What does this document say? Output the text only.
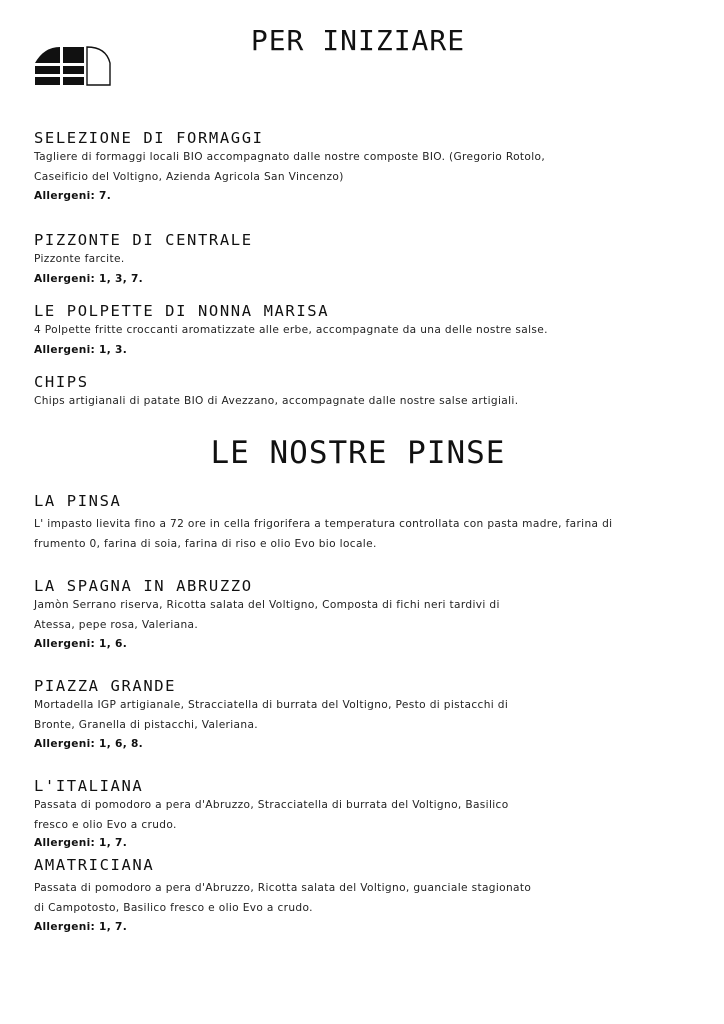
PER INIZIARE

SELEZIONE DI FORMAGGI

Tagliere di formaggi locali BIO accompagnato dalle nostre composte BIO. (Gregorio Rotolo,

Caseificio del Voltigno, Azienda Agricola San Vincenzo)

Allergeni: 7.

PIZZONTE DI CENTRALE

Pizzonte farcite.

Allergeni: 1, 3, 7.

LE POLPETTE DI NONNA MARISA

4 Polpette fritte croccanti aromatizzate alle erbe, accompagnate da una delle nostre salse.

Allergeni: 1, 3.

CHIPS

Chips artigianali di patate BIO di Avezzano, accompagnate dalle nostre salse artigiali.

LE NOSTRE PINSE

LA PINSA

L' impasto lievita fino a 72 ore in cella frigorifera a temperatura controllata con pasta madre, farina di

frumento 0, farina di soia, farina di riso e olio Evo bio locale.

LA SPAGNA IN ABRUZZO

Jamòn Serrano riserva, Ricotta salata del Voltigno, Composta di fichi neri tardivi di

Atessa, pepe rosa, Valeriana.

Allergeni: 1, 6.

PIAZZA GRANDE

Mortadella IGP artigianale, Stracciatella di burrata del Voltigno, Pesto di pistacchi di

Bronte, Granella di pistacchi, Valeriana.

Allergeni: 1, 6, 8.

L'ITALIANA

Passata di pomodoro a pera d'Abruzzo, Stracciatella di burrata del Voltigno, Basilico

fresco e olio Evo a crudo.

Allergeni: 1, 7.

AMATRICIANA

Passata di pomodoro a pera d'Abruzzo, Ricotta salata del Voltigno, guanciale stagionato

di Campotosto, Basilico fresco e olio Evo a crudo.

Allergeni: 1, 7.
